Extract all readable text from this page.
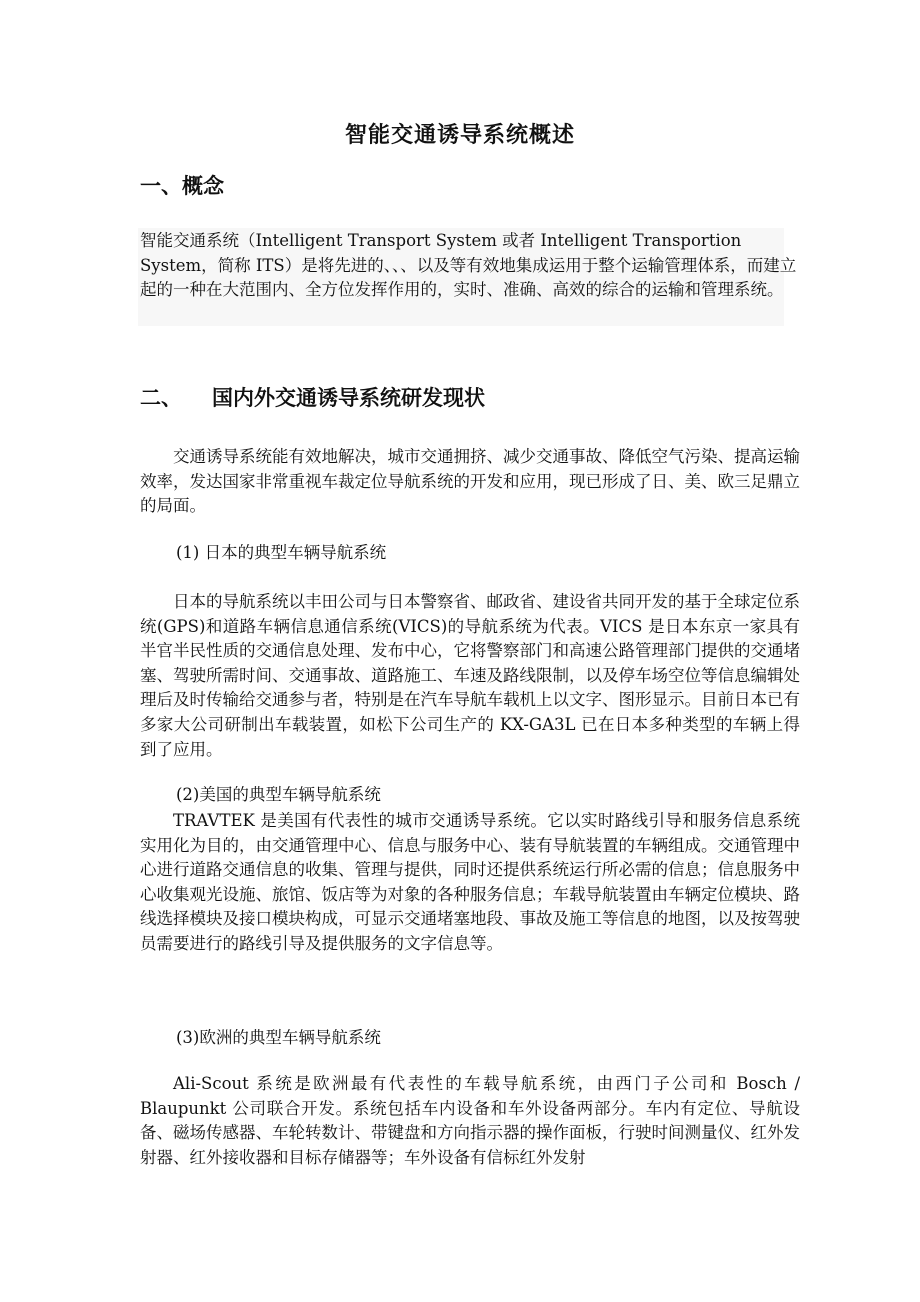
智能交通诱导系统概述
一、概念

智能交通系统（Intelligent Transport System 或者 Intelligent Transportion System，简称 ITS）是将先进的、、、以及等有效地集成运用于整个运输管理体系，而建立起的一种在大范围内、全方位发挥作用的，实时、准确、高效的综合的运输和管理系统。

二、 国内外交通诱导系统研发现状

交通诱导系统能有效地解决，城市交通拥挤、减少交通事故、降低空气污染、提高运输效率，发达国家非常重视车裁定位导航系统的开发和应用，现已形成了日、美、欧三足鼎立的局面。

(1) 日本的典型车辆导航系统

日本的导航系统以丰田公司与日本警察省、邮政省、建设省共同开发的基于全球定位系统(GPS)和道路车辆信息通信系统(VICS)的导航系统为代表。VICS 是日本东京一家具有半官半民性质的交通信息处理、发布中心，它将警察部门和高速公路管理部门提供的交通堵塞、驾驶所需时间、交通事故、道路施工、车速及路线限制，以及停车场空位等信息编辑处理后及时传输给交通参与者，特别是在汽车导航车载机上以文字、图形显示。目前日本已有多家大公司研制出车载装置，如松下公司生产的 KX-GA3L 已在日本多种类型的车辆上得到了应用。

(2)美国的典型车辆导航系统

TRAVTEK 是美国有代表性的城市交通诱导系统。它以实时路线引导和服务信息系统实用化为目的，由交通管理中心、信息与服务中心、装有导航装置的车辆组成。交通管理中心进行道路交通信息的收集、管理与提供，同时还提供系统运行所必需的信息；信息服务中心收集观光设施、旅馆、饭店等为对象的各种服务信息；车载导航装置由车辆定位模块、路线选择模块及接口模块构成，可显示交通堵塞地段、事故及施工等信息的地图，以及按驾驶员需要进行的路线引导及提供服务的文字信息等。

(3)欧洲的典型车辆导航系统

Ali-Scout 系统是欧洲最有代表性的车载导航系统，由西门子公司和 Bosch / Blaupunkt 公司联合开发。系统包括车内设备和车外设备两部分。车内有定位、导航设备、磁场传感器、车轮转数计、带键盘和方向指示器的操作面板，行驶时间测量仪、红外发射器、红外接收器和目标存储器等；车外设备有信标红外发射
